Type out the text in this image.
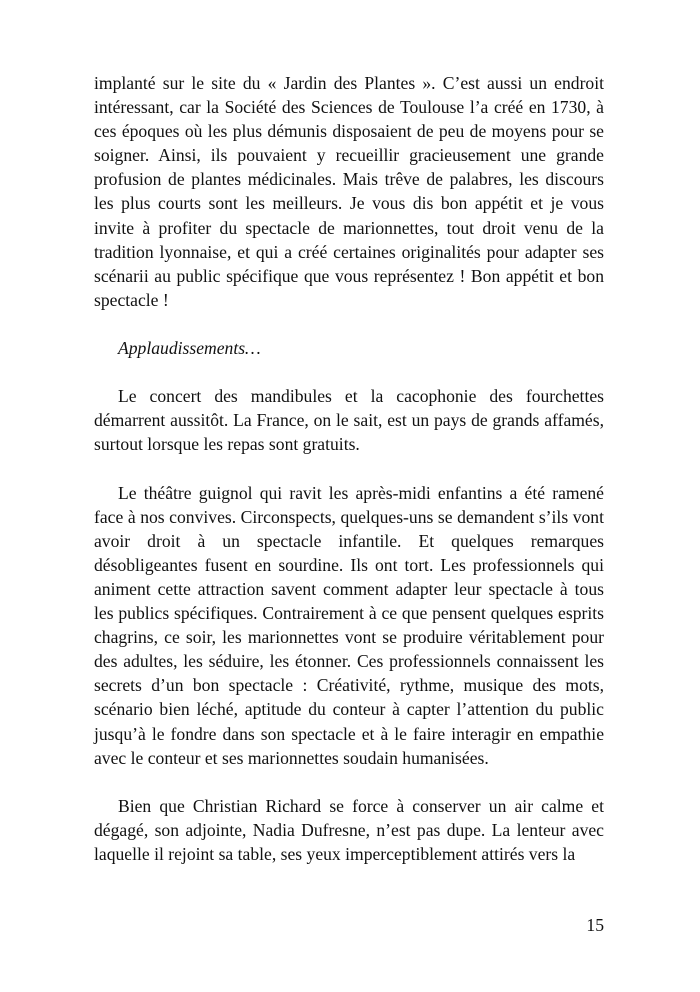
implanté sur le site du « Jardin des Plantes ». C’est aussi un endroit intéressant, car la Société des Sciences de Toulouse l’a créé en 1730, à ces époques où les plus démunis disposaient de peu de moyens pour se soigner. Ainsi, ils pouvaient y recueillir gracieusement une grande profusion de plantes médicinales. Mais trêve de palabres, les discours les plus courts sont les meilleurs. Je vous dis bon appétit et je vous invite à profiter du spectacle de marionnettes, tout droit venu de la tradition lyonnaise, et qui a créé certaines originalités pour adapter ses scénarii au public spécifique que vous représentez ! Bon appétit et bon spectacle !

Applaudissements…

Le concert des mandibules et la cacophonie des fourchettes démarrent aussitôt. La France, on le sait, est un pays de grands affamés, surtout lorsque les repas sont gratuits.

Le théâtre guignol qui ravit les après-midi enfantins a été ramené face à nos convives. Circonspects, quelques-uns se demandent s’ils vont avoir droit à un spectacle infantile. Et quelques remarques désobligeantes fusent en sourdine. Ils ont tort. Les professionnels qui animent cette attraction savent comment adapter leur spectacle à tous les publics spécifiques. Contrairement à ce que pensent quelques esprits chagrins, ce soir, les marionnettes vont se produire véritablement pour des adultes, les séduire, les étonner. Ces professionnels connaissent les secrets d’un bon spectacle : Créativité, rythme, musique des mots, scénario bien léché, aptitude du conteur à capter l’attention du public jusqu’à le fondre dans son spectacle et à le faire interagir en empathie avec le conteur et ses marionnettes soudain humanisées.

Bien que Christian Richard se force à conserver un air calme et dégagé, son adjointe, Nadia Dufresne, n’est pas dupe. La lenteur avec laquelle il rejoint sa table, ses yeux imperceptiblement attirés vers la

15
